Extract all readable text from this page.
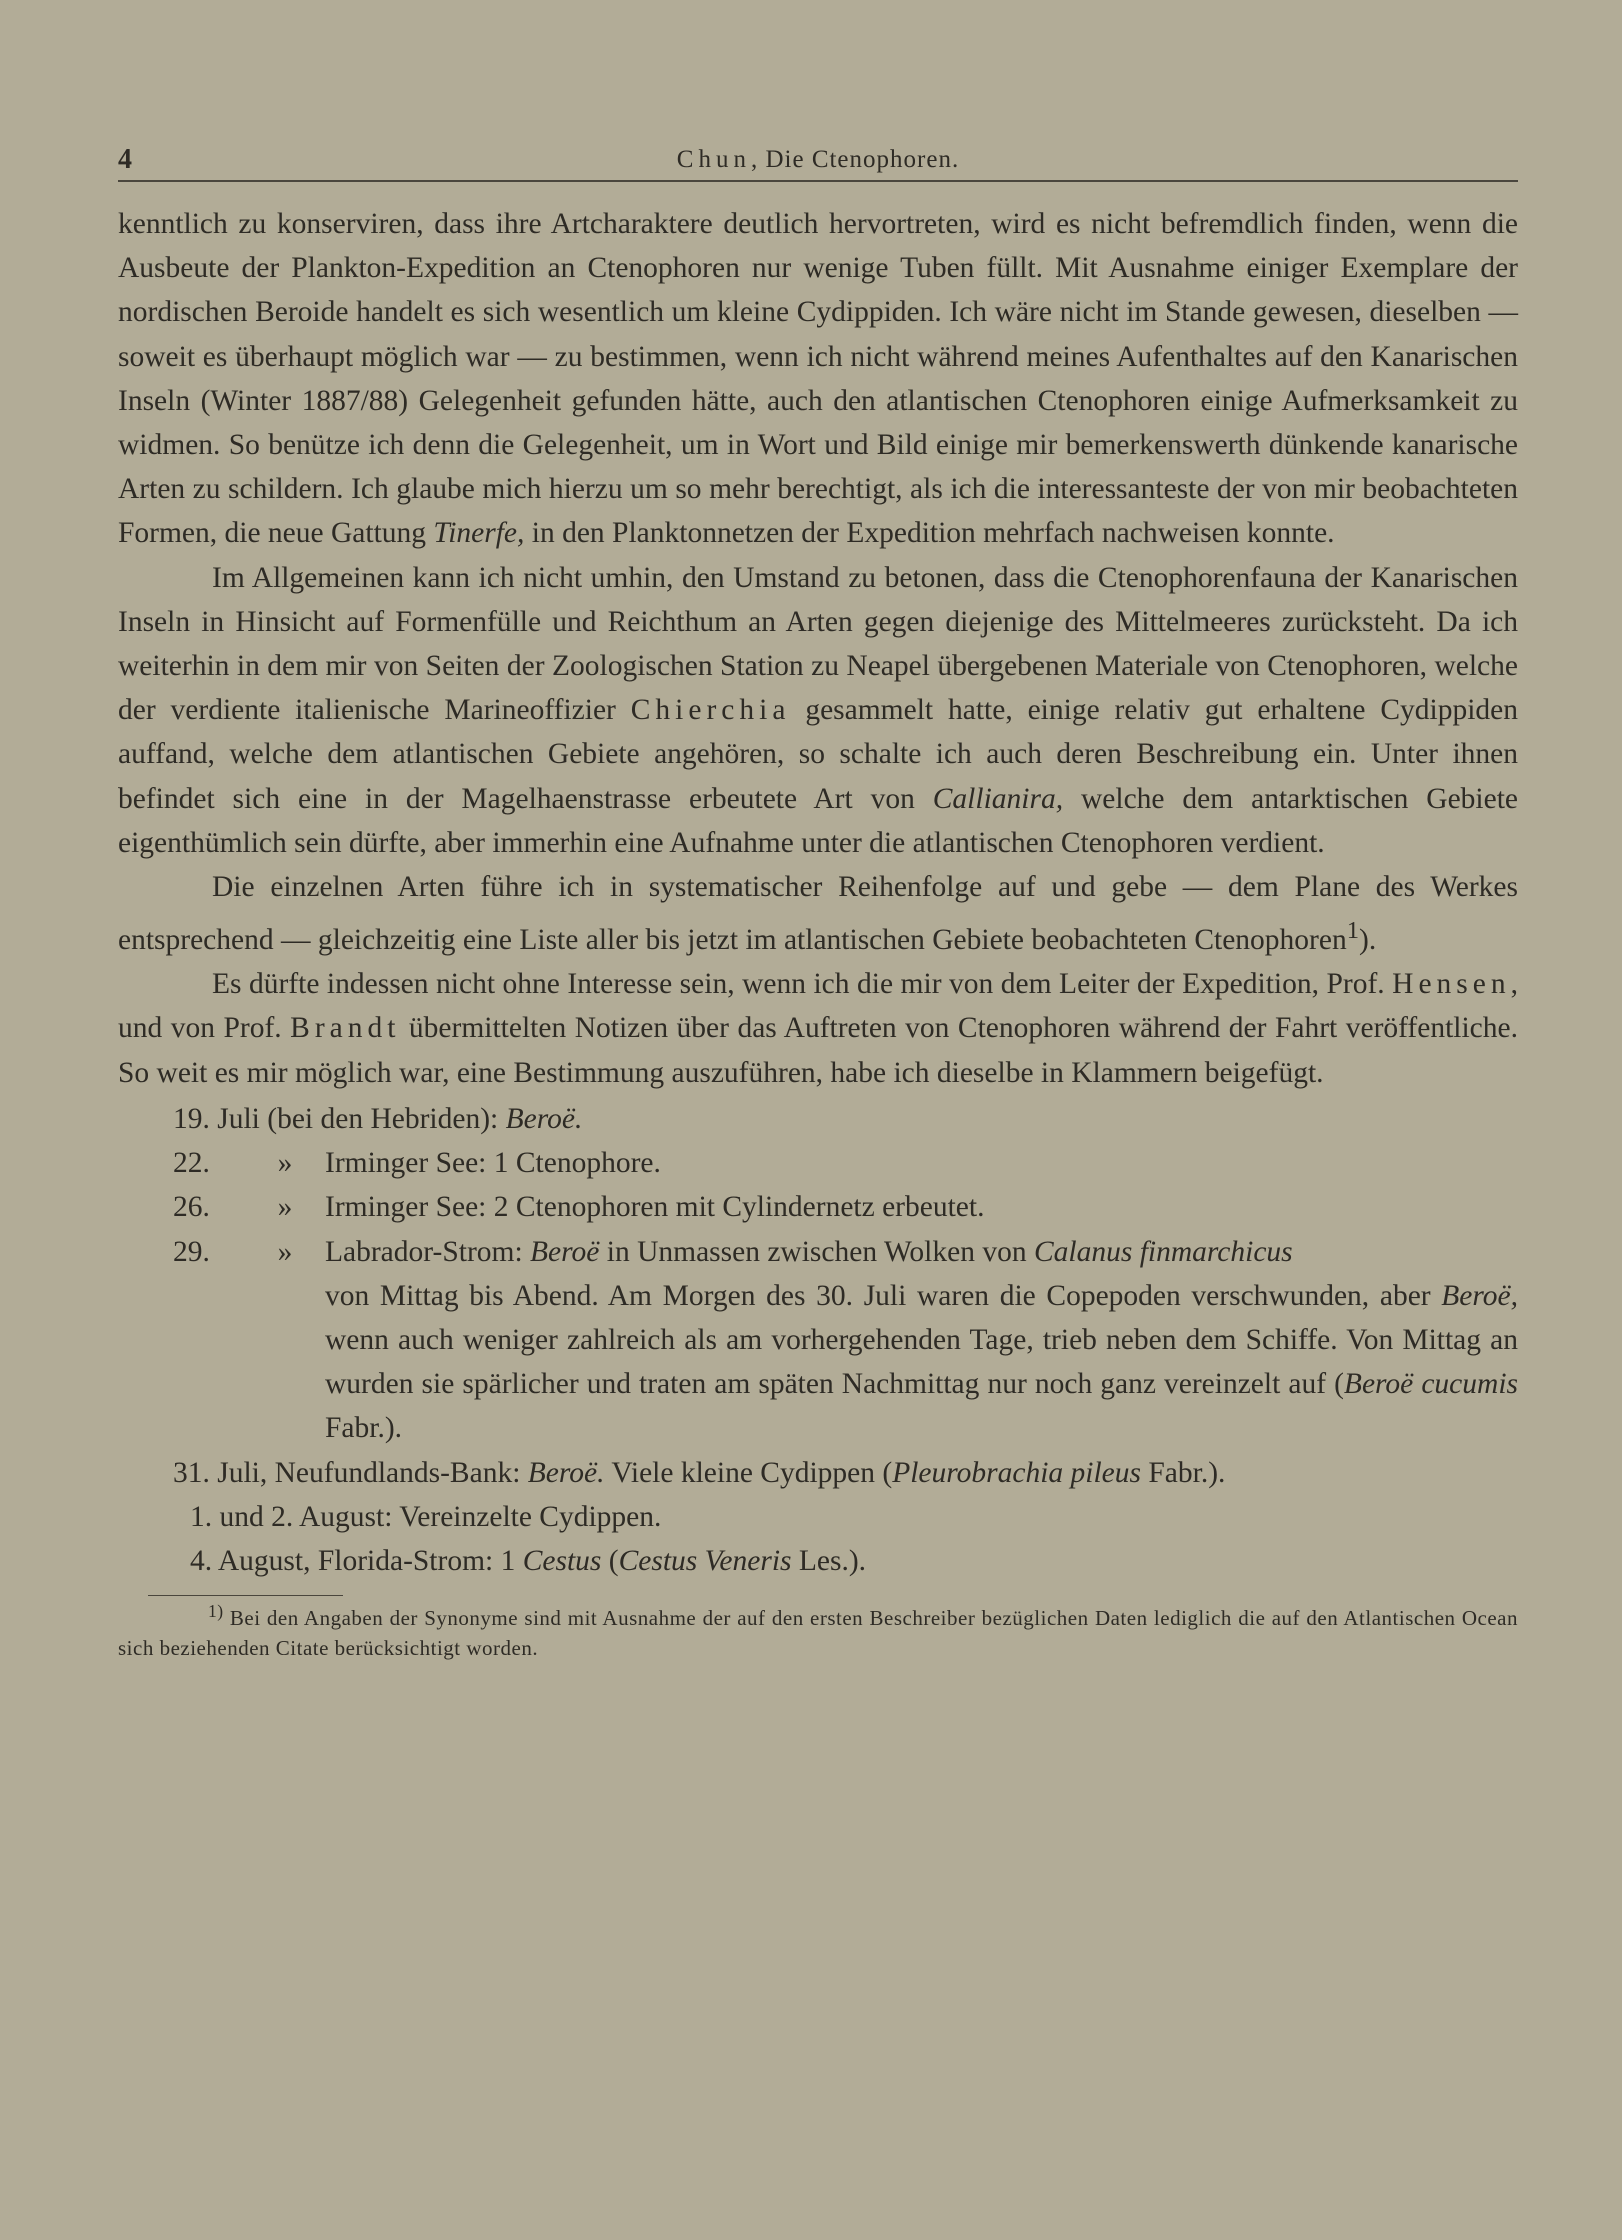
4	Chun, Die Ctenophoren.

kenntlich zu konserviren, dass ihre Artcharaktere deutlich hervortreten, wird es nicht befremdlich finden, wenn die Ausbeute der Plankton-Expedition an Ctenophoren nur wenige Tuben füllt. Mit Ausnahme einiger Exemplare der nordischen Beroide handelt es sich wesentlich um kleine Cydippiden. Ich wäre nicht im Stande gewesen, dieselben — soweit es überhaupt möglich war — zu bestimmen, wenn ich nicht während meines Aufenthaltes auf den Kanarischen Inseln (Winter 1887/88) Gelegenheit gefunden hätte, auch den atlantischen Ctenophoren einige Aufmerksamkeit zu widmen. So benütze ich denn die Gelegenheit, um in Wort und Bild einige mir bemerkenswerth dünkende kanarische Arten zu schildern. Ich glaube mich hierzu um so mehr berechtigt, als ich die interessanteste der von mir beobachteten Formen, die neue Gattung Tinerfe, in den Planktonnetzen der Expedition mehrfach nachweisen konnte.

Im Allgemeinen kann ich nicht umhin, den Umstand zu betonen, dass die Ctenophorenfauna der Kanarischen Inseln in Hinsicht auf Formenfülle und Reichthum an Arten gegen diejenige des Mittelmeeres zurücksteht. Da ich weiterhin in dem mir von Seiten der Zoologischen Station zu Neapel übergebenen Materiale von Ctenophoren, welche der verdiente italienische Marineoffizier Chierchia gesammelt hatte, einige relativ gut erhaltene Cydippiden auffand, welche dem atlantischen Gebiete angehören, so schalte ich auch deren Beschreibung ein. Unter ihnen befindet sich eine in der Magelhaenstrasse erbeutete Art von Callianira, welche dem antarktischen Gebiete eigenthümlich sein dürfte, aber immerhin eine Aufnahme unter die atlantischen Ctenophoren verdient.

Die einzelnen Arten führe ich in systematischer Reihenfolge auf und gebe — dem Plane des Werkes entsprechend — gleichzeitig eine Liste aller bis jetzt im atlantischen Gebiete beobachteten Ctenophoren$^1$).

Es dürfte indessen nicht ohne Interesse sein, wenn ich die mir von dem Leiter der Expedition, Prof. Hensen, und von Prof. Brandt übermittelten Notizen über das Auftreten von Ctenophoren während der Fahrt veröffentliche. So weit es mir möglich war, eine Bestimmung auszuführen, habe ich dieselbe in Klammern beigefügt.

19. Juli (bei den Hebriden): Beroë.
22.	»	Irminger See: 1 Ctenophore.
26.	»	Irminger See: 2 Ctenophoren mit Cylindernetz erbeutet.
29.	»	Labrador-Strom: Beroë in Unmassen zwischen Wolken von Calanus finmarchicus
von Mittag bis Abend. Am Morgen des 30. Juli waren die Copepoden verschwunden, aber Beroë, wenn auch weniger zahlreich als am vorhergehenden Tage, trieb neben dem Schiffe. Von Mittag an wurden sie spärlicher und traten am späten Nachmittag nur noch ganz vereinzelt auf (Beroë cucumis Fabr.).
31. Juli, Neufundlands-Bank: Beroë. Viele kleine Cydippen (Pleurobrachia pileus Fabr.).
1. und 2. August: Vereinzelte Cydippen.
4. August, Florida-Strom: 1 Cestus (Cestus Veneris Les.).

$^{1)}$ Bei den Angaben der Synonyme sind mit Ausnahme der auf den ersten Beschreiber bezüglichen Daten lediglich die auf den Atlantischen Ocean sich beziehenden Citate berücksichtigt worden.
